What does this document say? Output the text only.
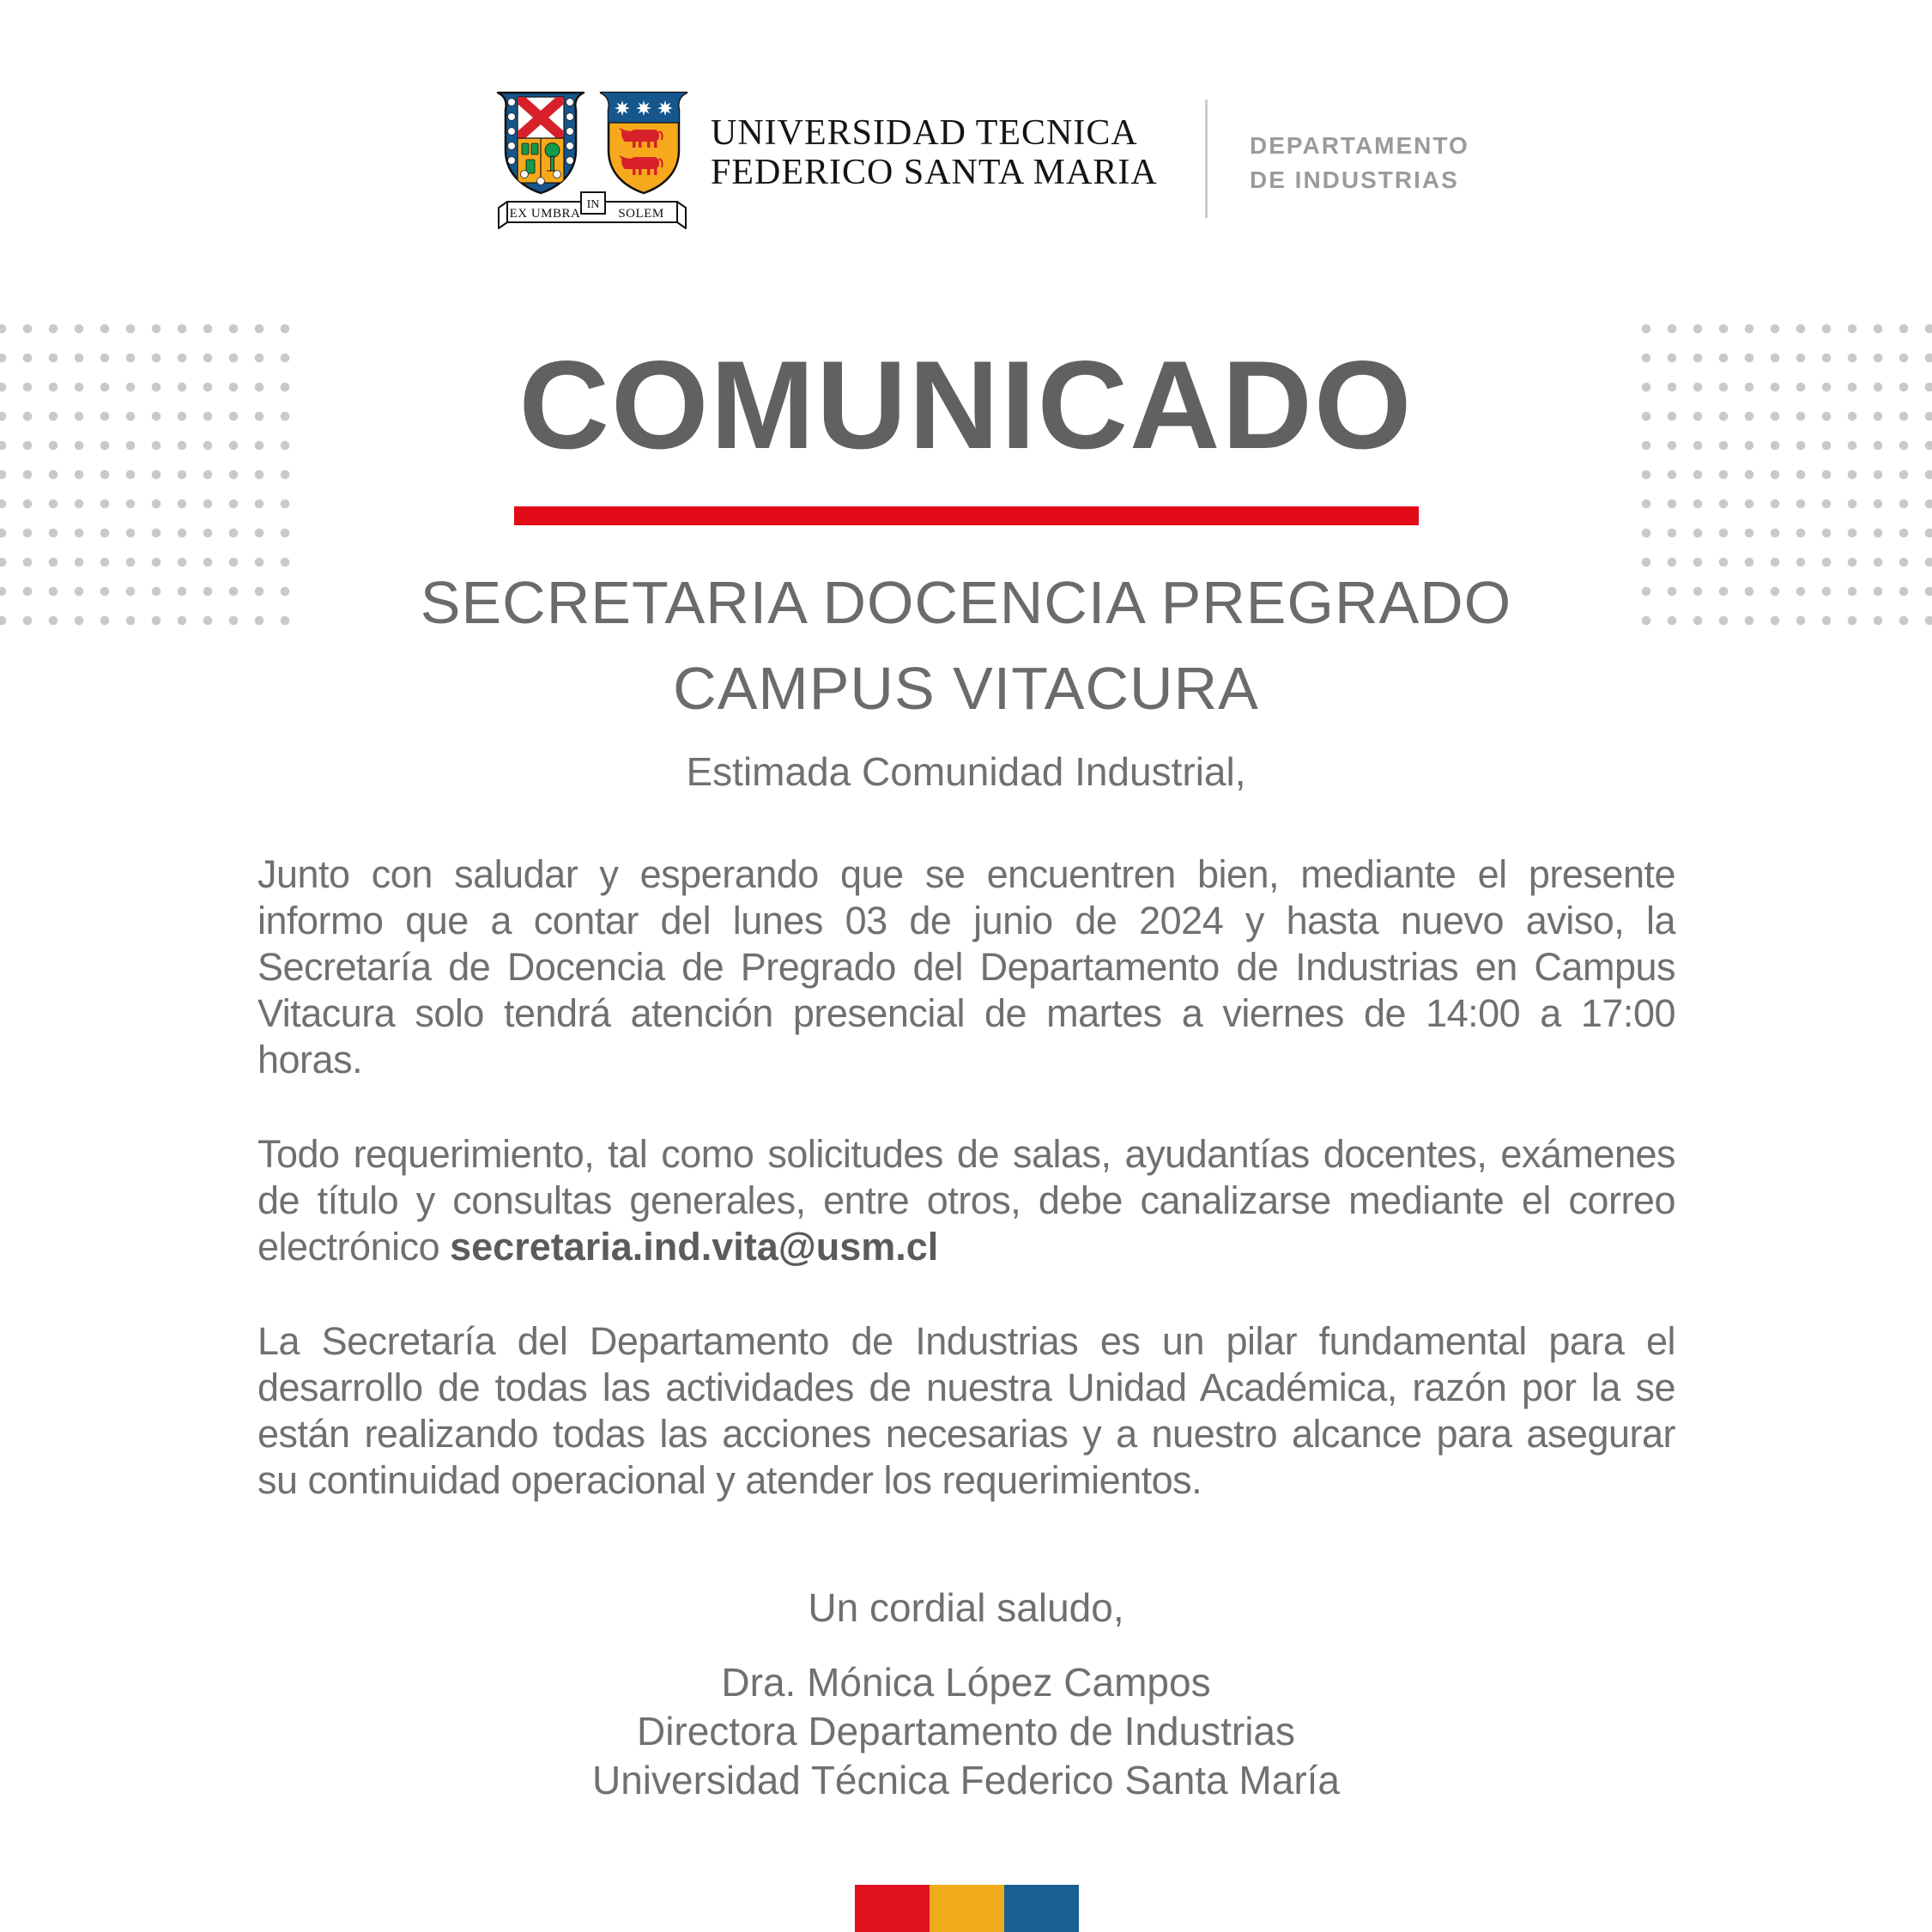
EX UMBRA	SOLEM
IN
UNIVERSIDAD TECNICA
FEDERICO SANTA MARIA
DEPARTAMENTO
DE INDUSTRIAS
COMUNICADO
SECRETARIA DOCENCIA PREGRADO
CAMPUS VITACURA
Estimada Comunidad Industrial,

Junto con saludar y esperando que se encuentren bien, mediante el presente informo que a contar del lunes 03 de junio de 2024 y hasta nuevo aviso, la Secretaría de Docencia de Pregrado del Departamento de Industrias en Campus Vitacura solo tendrá atención presencial de martes a viernes de 14:00 a 17:00 horas.

Todo requerimiento, tal como solicitudes de salas, ayudantías docentes, exámenes de título y consultas generales, entre otros, debe canalizarse mediante el correo electrónico secretaria.ind.vita@usm.cl

La Secretaría del Departamento de Industrias es un pilar fundamental para el desarrollo de todas las actividades de nuestra Unidad Académica, razón por la se están realizando todas las acciones necesarias y a nuestro alcance para asegurar su continuidad operacional y atender los requerimientos.

Un cordial saludo,
Dra. Mónica López Campos
Directora Departamento de Industrias
Universidad Técnica Federico Santa María
